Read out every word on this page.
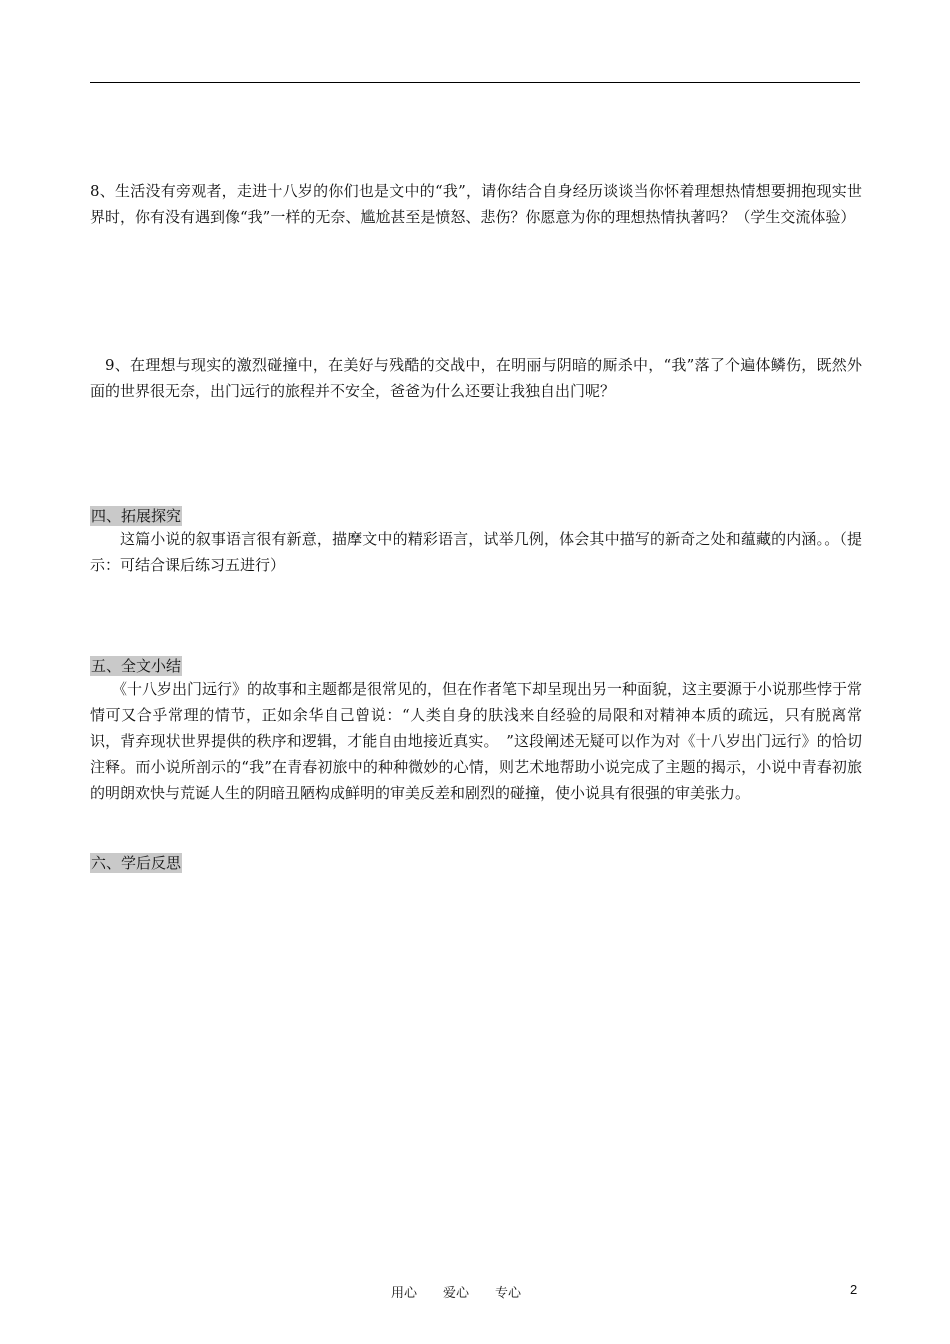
8、生活没有旁观者，走进十八岁的你们也是文中的“我”，请你结合自身经历谈谈当你怀着理想热情想要拥抱现实世界时，你有没有遇到像“我”一样的无奈、尴尬甚至是愤怒、悲伤？你愿意为你的理想热情执著吗？（学生交流体验）

9、在理想与现实的激烈碰撞中，在美好与残酷的交战中，在明丽与阴暗的厮杀中，“我”落了个遍体鳞伤，既然外面的世界很无奈，出门远行的旅程并不安全，爸爸为什么还要让我独自出门呢？

四、拓展探究

这篇小说的叙事语言很有新意，描摩文中的精彩语言，试举几例，体会其中描写的新奇之处和蕴藏的内涵。。（提示：可结合课后练习五进行）

五、全文小结

《十八岁出门远行》的故事和主题都是很常见的，但在作者笔下却呈现出另一种面貌，这主要源于小说那些悖于常情可又合乎常理的情节，正如余华自己曾说：“人类自身的肤浅来自经验的局限和对精神本质的疏远，只有脱离常识，背弃现状世界提供的秩序和逻辑，才能自由地接近真实。　”这段阐述无疑可以作为对《十八岁出门远行》的恰切注释。而小说所剖示的“我”在青春初旅中的种种微妙的心情，则艺术地帮助小说完成了主题的揭示，小说中青春初旅的明朗欢快与荒诞人生的阴暗丑陋构成鲜明的审美反差和剧烈的碰撞，使小说具有很强的审美张力。

六、学后反思

用心　　爱心　　专心	2
